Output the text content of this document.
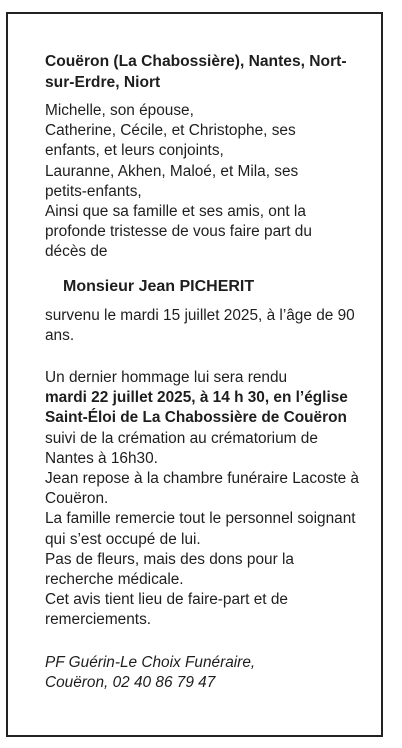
Couëron (La Chabossière), Nantes, Nort-sur-Erdre, Niort
Michelle, son épouse,
Catherine, Cécile, et Christophe, ses
enfants, et leurs conjoints,
Lauranne, Akhen, Maloé, et Mila, ses
petits-enfants,
Ainsi que sa famille et ses amis, ont la
profonde tristesse de vous faire part du
décès de
Monsieur Jean PICHERIT
survenu le mardi 15 juillet 2025, à l’âge de 90 ans.
Un dernier hommage lui sera rendu
mardi 22 juillet 2025, à 14 h 30, en l’église Saint-Éloi de La Chabossière de Couëron suivi de la crémation au crématorium de Nantes à 16h30.
Jean repose à la chambre funéraire Lacoste à Couëron.
La famille remercie tout le personnel soignant qui s’est occupé de lui.
Pas de fleurs, mais des dons pour la recherche médicale.
Cet avis tient lieu de faire-part et de remerciements.
PF Guérin-Le Choix Funéraire,
Couëron, 02 40 86 79 47
